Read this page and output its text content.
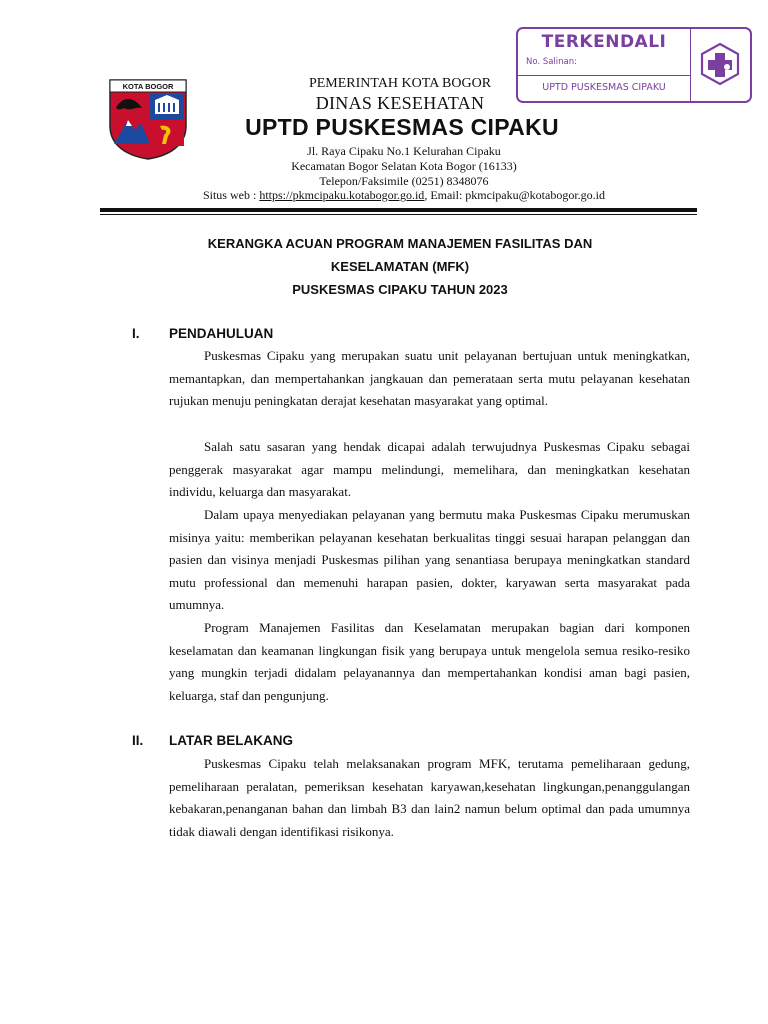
TERKENDALI
No. Salinan:
UPTD PUSKESMAS CIPAKU
KOTA BOGOR	PEMERINTAH KOTA BOGOR
DINAS KESEHATAN
UPTD PUSKESMAS CIPAKU
Jl. Raya Cipaku No.1 Kelurahan Cipaku
Kecamatan Bogor Selatan Kota Bogor (16133)
Telepon/Faksimile (0251) 8348076
Situs web : https://pkmcipaku.kotabogor.go.id, Email: pkmcipaku@kotabogor.go.id
KERANGKA ACUAN PROGRAM MANAJEMEN FASILITAS DAN
KESELAMATAN (MFK)
PUSKESMAS CIPAKU TAHUN 2023
I. PENDAHULUAN

Puskesmas Cipaku yang merupakan suatu unit pelayanan bertujuan untuk meningkatkan, memantapkan, dan mempertahankan jangkauan dan pemerataan serta mutu pelayanan kesehatan rujukan menuju peningkatan derajat kesehatan masyarakat yang optimal.

Salah satu sasaran yang hendak dicapai adalah terwujudnya Puskesmas Cipaku sebagai penggerak masyarakat agar mampu melindungi, memelihara, dan meningkatkan kesehatan individu, keluarga dan masyarakat.

Dalam upaya menyediakan pelayanan yang bermutu maka Puskesmas Cipaku merumuskan misinya yaitu: memberikan pelayanan kesehatan berkualitas tinggi sesuai harapan pelanggan dan pasien dan visinya menjadi Puskesmas pilihan yang senantiasa berupaya meningkatkan standard mutu professional dan memenuhi harapan pasien, dokter, karyawan serta masyarakat pada umumnya.

Program Manajemen Fasilitas dan Keselamatan merupakan bagian dari komponen keselamatan dan keamanan lingkungan fisik yang berupaya untuk mengelola semua resiko-resiko yang mungkin terjadi didalam pelayanannya dan mempertahankan kondisi aman bagi pasien, keluarga, staf dan pengunjung.

II. LATAR BELAKANG

Puskesmas Cipaku telah melaksanakan program MFK, terutama pemeliharaan gedung, pemeliharaan peralatan, pemeriksan kesehatan karyawan,kesehatan lingkungan,penanggulangan kebakaran,penanganan bahan dan limbah B3 dan lain2 namun belum optimal dan pada umumnya tidak diawali dengan identifikasi risikonya.
